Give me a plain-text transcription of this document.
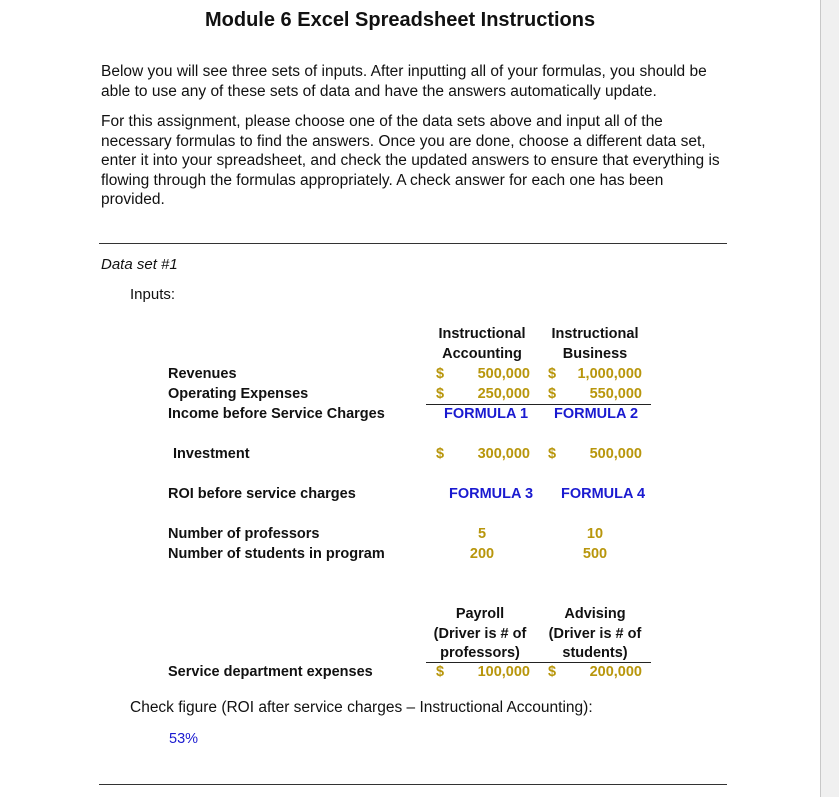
Module 6 Excel Spreadsheet Instructions
Below you will see three sets of inputs. After inputting all of your formulas, you should be able to use any of these sets of data and have the answers automatically update.
For this assignment, please choose one of the data sets above and input all of the necessary formulas to find the answers. Once you are done, choose a different data set, enter it into your spreadsheet, and check the updated answers to ensure that everything is flowing through the formulas appropriately. A check answer for each one has been provided.
Data set #1
Inputs:
Instructional
Accounting
Instructional
Business
Revenues	$ 500,000 $ 1,000,000
Operating Expenses	$ 250,000 $ 550,000
Income before Service Charges	FORMULA 1	FORMULA 2
Investment	$ 300,000 $ 500,000
ROI before service charges	FORMULA 3	FORMULA 4
Number of professors	5	10
Number of students in program	200	500
Payroll
(Driver is # of
professors)
Advising
(Driver is # of
students)
Service department expenses	$ 100,000 $ 200,000
Check figure (ROI after service charges – Instructional Accounting):
53%
